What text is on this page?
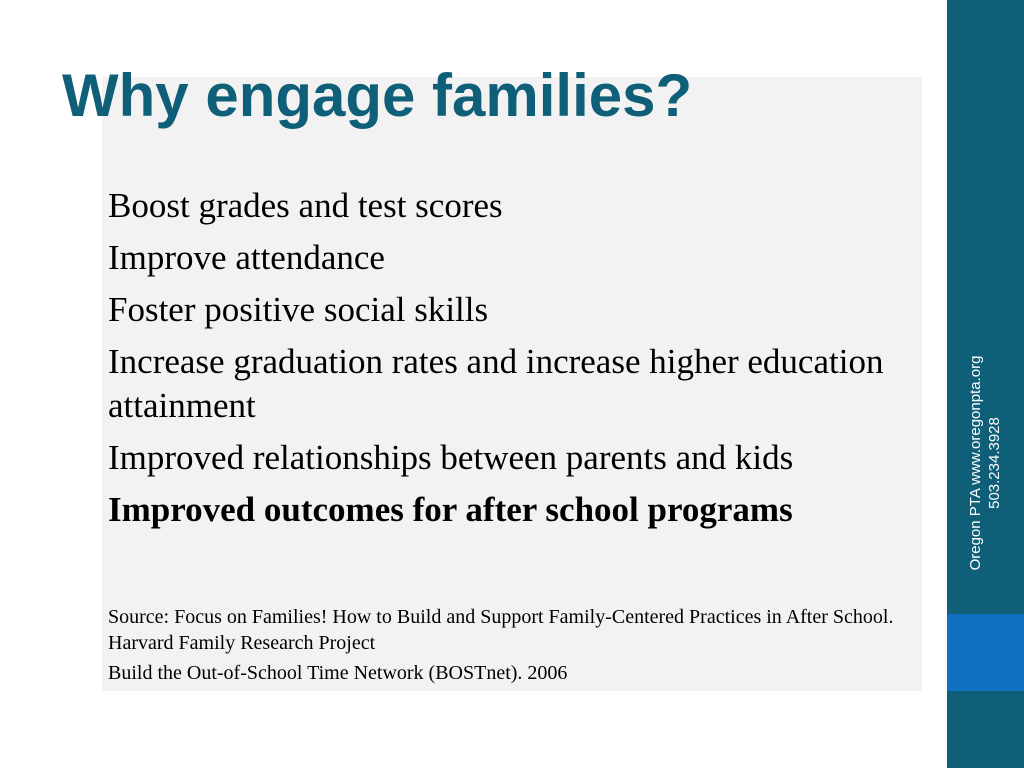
Why engage families?
Boost grades and test scores
Improve attendance
Foster positive social skills
Increase graduation rates and increase higher education attainment
Improved relationships between parents and kids
Improved outcomes for after school programs

Source: Focus on Families! How to Build and Support Family-Centered Practices in After School. Harvard Family Research Project

Build the Out-of-School Time Network (BOSTnet). 2006

Oregon PTA www.oregonpta.org 503.234.3928
